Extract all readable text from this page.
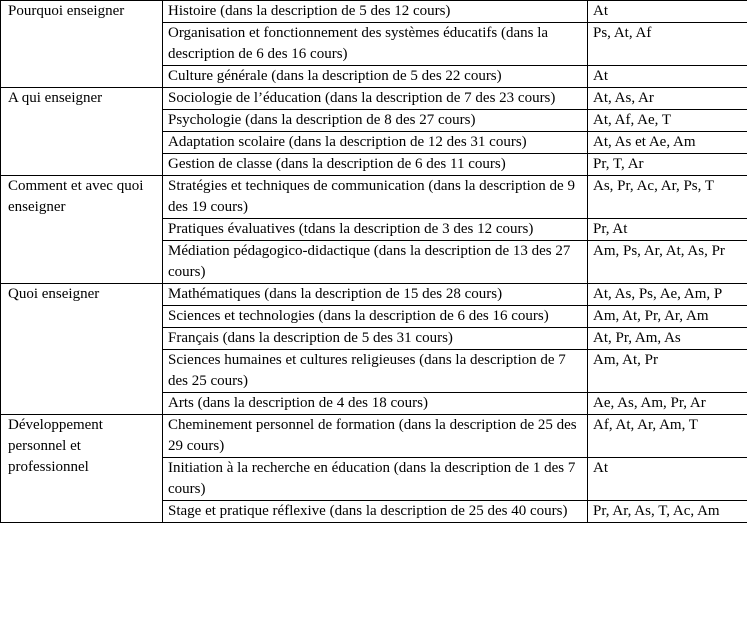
Pourquoi enseigner	Histoire (dans la description de 5 des 12 cours)	At
	Organisation et fonctionnement des systèmes éducatifs (dans la description de 6 des 16 cours)	Ps, At, Af
	Culture générale (dans la description de 5 des 22 cours)	At
A qui enseigner	Sociologie de l’éducation (dans la description de 7 des 23 cours)	At, As, Ar
	Psychologie (dans la description de 8 des 27 cours)	At, Af, Ae, T
	Adaptation scolaire (dans la description de 12 des 31 cours)	At, As et Ae, Am
	Gestion de classe (dans la description de 6 des 11 cours)	Pr, T, Ar
Comment et avec quoi enseigner	Stratégies et techniques de communication (dans la description de 9 des 19 cours)	As, Pr, Ac, Ar, Ps, T
	Pratiques évaluatives (tdans la description de 3 des 12 cours)	Pr, At
	Médiation pédagogico-didactique (dans la description de 13 des 27 cours)	Am, Ps, Ar, At, As, Pr
Quoi enseigner	Mathématiques (dans la description de 15 des 28 cours)	At, As, Ps, Ae, Am, P
	Sciences et technologies (dans la description de 6 des 16 cours)	Am, At, Pr, Ar, Am
	Français (dans la description de 5 des 31 cours)	At, Pr, Am, As
	Sciences humaines et cultures religieuses (dans la description de 7 des 25 cours)	Am, At, Pr
	Arts (dans la description de 4 des 18 cours)	Ae, As, Am, Pr, Ar
Développement personnel et professionnel	Cheminement personnel de formation (dans la description de 25 des 29 cours)	Af, At, Ar, Am, T
	Initiation à la recherche en éducation (dans la description de 1 des 7 cours)	At
	Stage et pratique réflexive (dans la description de 25 des 40 cours)	Pr, Ar, As, T, Ac, Am
